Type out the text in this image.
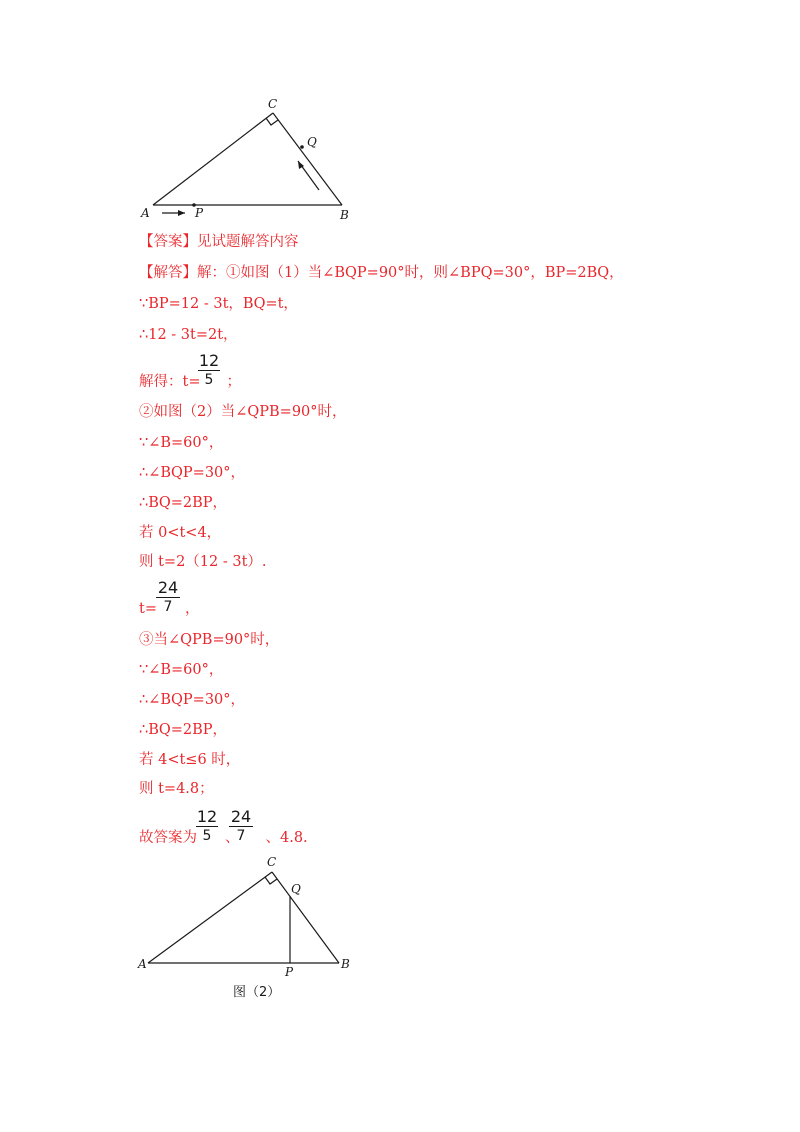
C
Q
A	P	B
【答案】见试题解答内容
【解答】解：①如图（1）当∠BQP=90°时，则∠BPQ=30°，BP=2BQ，
∵BP=12 - 3t，BQ=t，
∴12 - 3t=2t，
解得：t= ；
12
5
②如图（2）当∠QPB=90°时，
∵∠B=60°，
∴∠BQP=30°，
∴BQ=2BP，
若 0<t<4，
则 t=2（12 - 3t）.
t= ，
24
7
③当∠QPB=90°时，
∵∠B=60°，
∴∠BQP=30°，
∴BQ=2BP，
若 4<t≤6 时，
则 t=4.8；
故答案为 、 、4.8.
12
5
24
7
C
Q
A
P
B
图（2）
